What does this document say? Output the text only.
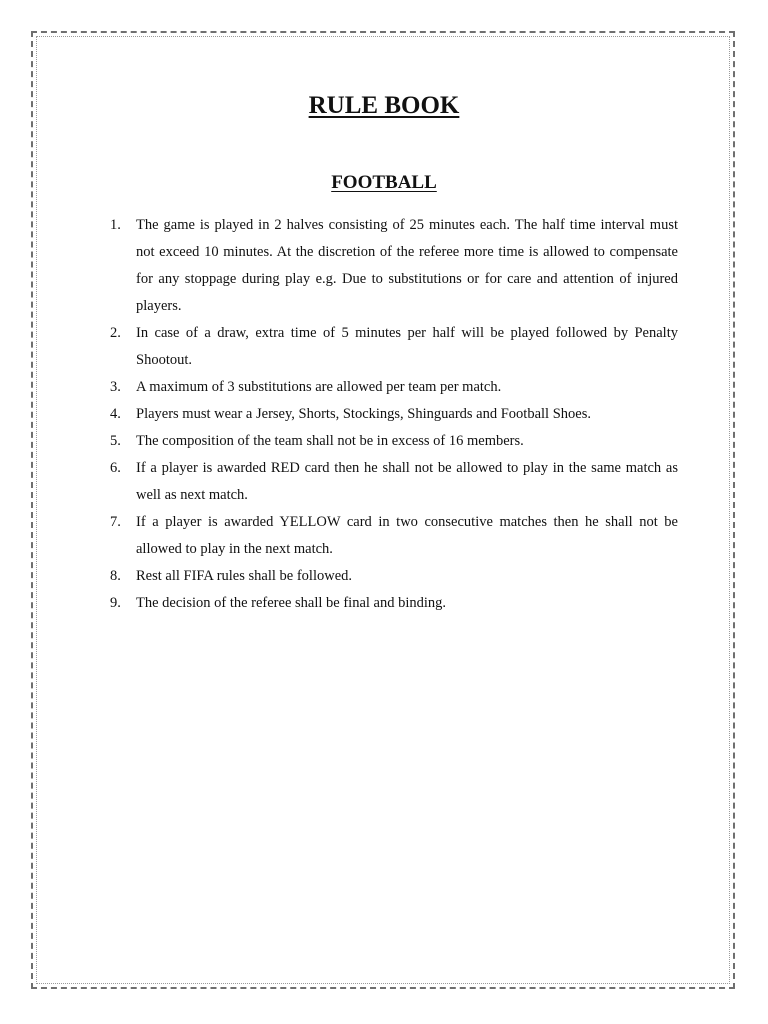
RULE BOOK
FOOTBALL
1. The game is played in 2 halves consisting of 25 minutes each. The half time interval must not exceed 10 minutes. At the discretion of the referee more time is allowed to compensate for any stoppage during play e.g. Due to substitutions or for care and attention of injured players.
2. In case of a draw, extra time of 5 minutes per half will be played followed by Penalty Shootout.
3. A maximum of 3 substitutions are allowed per team per match.
4. Players must wear a Jersey, Shorts, Stockings, Shinguards and Football Shoes.
5. The composition of the team shall not be in excess of 16 members.
6. If a player is awarded RED card then he shall not be allowed to play in the same match as well as next match.
7. If a player is awarded YELLOW card in two consecutive matches then he shall not be allowed to play in the next match.
8. Rest all FIFA rules shall be followed.
9. The decision of the referee shall be final and binding.
